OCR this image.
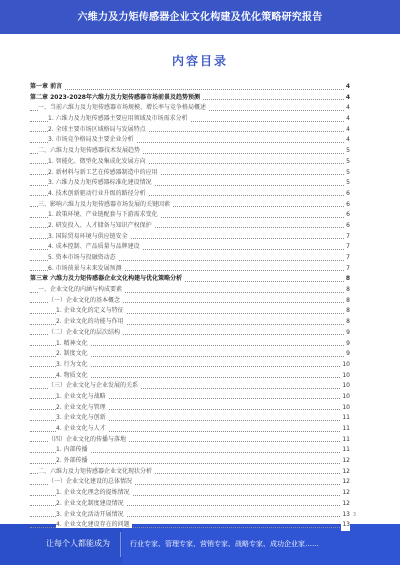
六维力及力矩传感器企业文化构建及优化策略研究报告
内容目录
第一章 前言	4
第二章 2023-2028年六维力及力矩传感器市场前景及趋势预测	4
一、当前六维力及力矩传感器市场规模、增长率与竞争格局概述	4
1. 六维力及力矩传感器主要应用领域及市场需求分析	4
2. 全球主要市场区域格局与发展特点	4
3. 市场竞争格局及主要企业分析	4
二、六维力及力矩传感器技术发展趋势	5
1. 智能化、微型化及集成化发展方向	5
2. 新材料与新工艺在传感器制造中的应用	5
3. 六维力及力矩传感器标准化建设情况	5
4. 技术创新驱动行业升级的路径分析	6
三、影响六维力及力矩传感器市场发展的关键因素	6
1. 政策环境、产业链配套与下游需求变化	6
2. 研发投入、人才储备与知识产权保护	6
3. 国际贸易环境与供应链安全	7
4. 成本控制、产品质量与品牌建设	7
5. 资本市场与投融资动态	7
6. 市场前景与未来发展预测	7
第三章 六维力及力矩传感器企业文化构建与优化策略分析	8
一、企业文化的内涵与构成要素	8
（一）企业文化的基本概念	8
1. 企业文化的定义与特征	8
2. 企业文化的功能与作用	8
（二）企业文化的层次结构	9
1. 精神文化	9
2. 制度文化	9
3. 行为文化	10
4. 物质文化	10
（三）企业文化与企业发展的关系	10
1. 企业文化与战略	10
2. 企业文化与管理	10
3. 企业文化与创新	11
4. 企业文化与人才	11
（四）企业文化的传播与落地	11
1. 内部传播	11
2. 外部传播	12
二、六维力及力矩传感器企业文化现状分析	12
（一）企业文化建设的总体情况	12
1. 企业文化理念的提炼情况	12
2. 企业文化制度建设情况	12
3. 企业文化活动开展情况	13
4. 企业文化建设存在的问题	13
3
让每个人都能成为	行业专家、管理专家、营销专家、战略专家、成功企业家……
